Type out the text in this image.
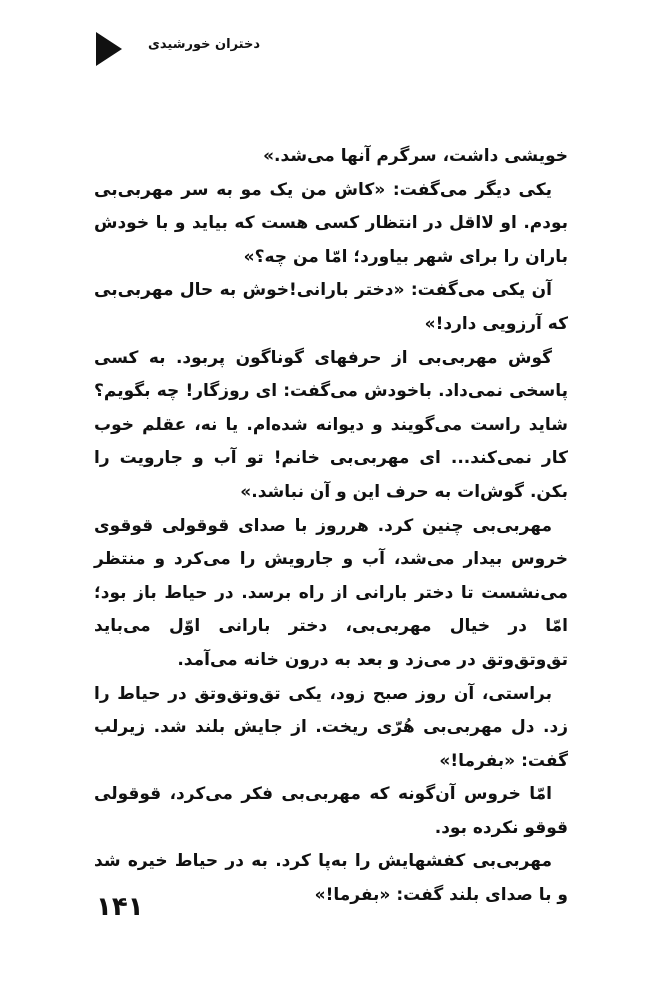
دختران خورشیدی

خویشی داشت، سرگرم آنها می‌شد.»

یکی دیگر می‌گفت: «کاش من یک مو به سر مهربی‌بی بودم. او لااقل در انتظار کسی هست که بیاید و با خودش باران را برای شهر بیاورد؛ امّا من چه؟»

آن یکی می‌گفت: «دختر بارانی!خوش به حال مهربی‌بی که آرزویی دارد!»

گوش مهربی‌بی از حرفهای گوناگون پربود. به کسی پاسخی نمی‌داد. باخودش می‌گفت: ای روزگار! چه بگویم؟ شاید راست می‌گویند و دیوانه شده‌ام. یا نه، عقلم خوب کار نمی‌کند... ای مهربی‌بی خانم! تو آب و جارویت را بکن. گوش‌ات به حرف این و آن نباشد.»

مهربی‌بی چنین کرد. هرروز با صدای قوقولی قوقوی خروس بیدار می‌شد، آب و جارویش را می‌کرد و منتظر می‌نشست تا دختر بارانی از راه برسد. در حیاط باز بود؛ امّا در خیال مهربی‌بی، دختر بارانی اوّل می‌باید تق‌وتق‌وتق در می‌زد و بعد به درون خانه می‌آمد.

براستی، آن روز صبح زود، یکی تق‌وتق‌وتق در حیاط را زد. دل مهربی‌بی هُرّی ریخت. از جایش بلند شد. زیرلب گفت: «بفرما!»

امّا خروس آن‌گونه که مهربی‌بی فکر می‌کرد، قوقولی قوقو نکرده بود.

مهربی‌بی کفشهایش را به‌پا کرد. به در حیاط خیره شد و با صدای بلند گفت: «بفرما!»

۱۴۱
